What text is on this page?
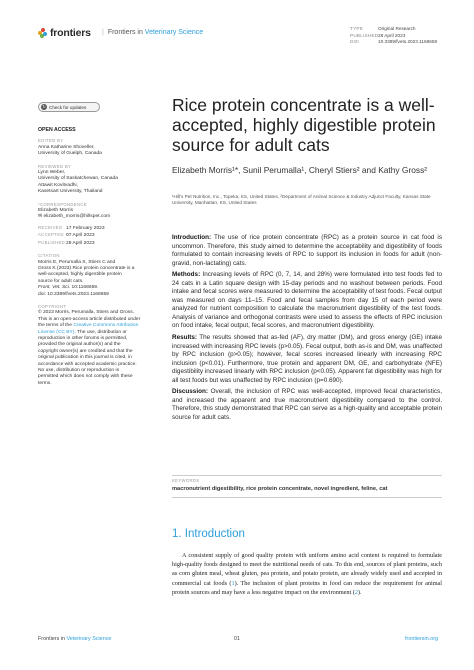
frontiers | Frontiers in Veterinary Science
TYPE	Original Research
PUBLISHED28 April 2023
DOI	10.3389/fvets.2023.1168659
↻ Check for updates
OPEN ACCESS
EDITED BY
Anna Katharine Shoveller,
University of Guelph, Canada
REVIEWED BY
Lynn Weber,
University of Saskatchewan, Canada
Attawit Kovitvadhi,
Kasetsart University, Thailand
*CORRESPONDENCE
Elizabeth Morris
✉ elizabeth_morris@hillspet.com
RECEIVED 17 February 2023
ACCEPTED 07 April 2023
PUBLISHED28 April 2023
CITATION
Morris E, Perumalla S, Stiers C and
Gross K (2023) Rice protein concentrate is a
well-accepted, highly digestible protein
source for adult cats.
Front. Vet. Sci. 10:1168659.
doi: 10.3389/fvets.2023.1168659
COPYRIGHT
© 2023 Morris, Perumalla, Stiers and Gross.
This is an open-access article distributed under
the terms of the Creative Commons Attribution
License (CC BY). The use, distribution or
reproduction in other forums is permitted,
provided the original author(s) and the
copyright owner(s) are credited and that the
original publication in this journal is cited, in
accordance with accepted academic practice.
No use, distribution or reproduction is
permitted which does not comply with these
terms.
Rice protein concentrate is a well-accepted, highly digestible protein source for adult cats
Elizabeth Morris¹*, Sunil Perumalla¹, Cheryl Stiers² and Kathy Gross²
¹Hill's Pet Nutrition, Inc., Topeka, KS, United States, ²Department of Animal Science & Industry Adjunct Faculty, Kansas State University, Manhattan, KS, United States

Introduction: The use of rice protein concentrate (RPC) as a protein source in cat food is uncommon. Therefore, this study aimed to determine the acceptability and digestibility of foods formulated to contain increasing levels of RPC to support its inclusion in foods for adult (non-gravid, non-lactating) cats.

Methods: Increasing levels of RPC (0, 7, 14, and 28%) were formulated into test foods fed to 24 cats in a Latin square design with 15-day periods and no washout between periods. Food intake and fecal scores were measured to determine the acceptability of test foods. Fecal output was measured on days 11–15. Food and fecal samples from day 15 of each period were analyzed for nutrient composition to calculate the macronutrient digestibility of the test foods. Analysis of variance and orthogonal contrasts were used to assess the effects of RPC inclusion on food intake, fecal output, fecal scores, and macronutrient digestibility.

Results: The results showed that as-fed (AF), dry matter (DM), and gross energy (GE) intake increased with increasing RPC levels (p>0.05). Fecal output, both as-is and DM, was unaffected by RPC inclusion (p>0.05); however, fecal scores increased linearly with increasing RPC inclusion (p<0.01). Furthermore, true protein and apparent DM, GE, and carbohydrate (NFE) digestibility increased linearly with RPC inclusion (p<0.05). Apparent fat digestibility was high for all test foods but was unaffected by RPC inclusion (p=0.690).

Discussion: Overall, the inclusion of RPC was well-accepted, improved fecal characteristics, and increased the apparent and true macronutrient digestibility compared to the control. Therefore, this study demonstrated that RPC can serve as a high-quality and acceptable protein source for adult cats.

KEYWORDS
macronutrient digestibility, rice protein concentrate, novel ingredient, feline, cat
1. Introduction
A consistent supply of good quality protein with uniform amino acid content is required to formulate high-quality foods designed to meet the nutritional needs of cats. To this end, sources of plant proteins, such as corn gluten meal, wheat gluten, pea protein, and potato protein, are already widely used and accepted in commercial cat foods (1). The inclusion of plant proteins in food can reduce the requirement for animal protein sources and may have a less negative impact on the environment (2).
Frontiers in Veterinary Science	01	frontiersin.org
